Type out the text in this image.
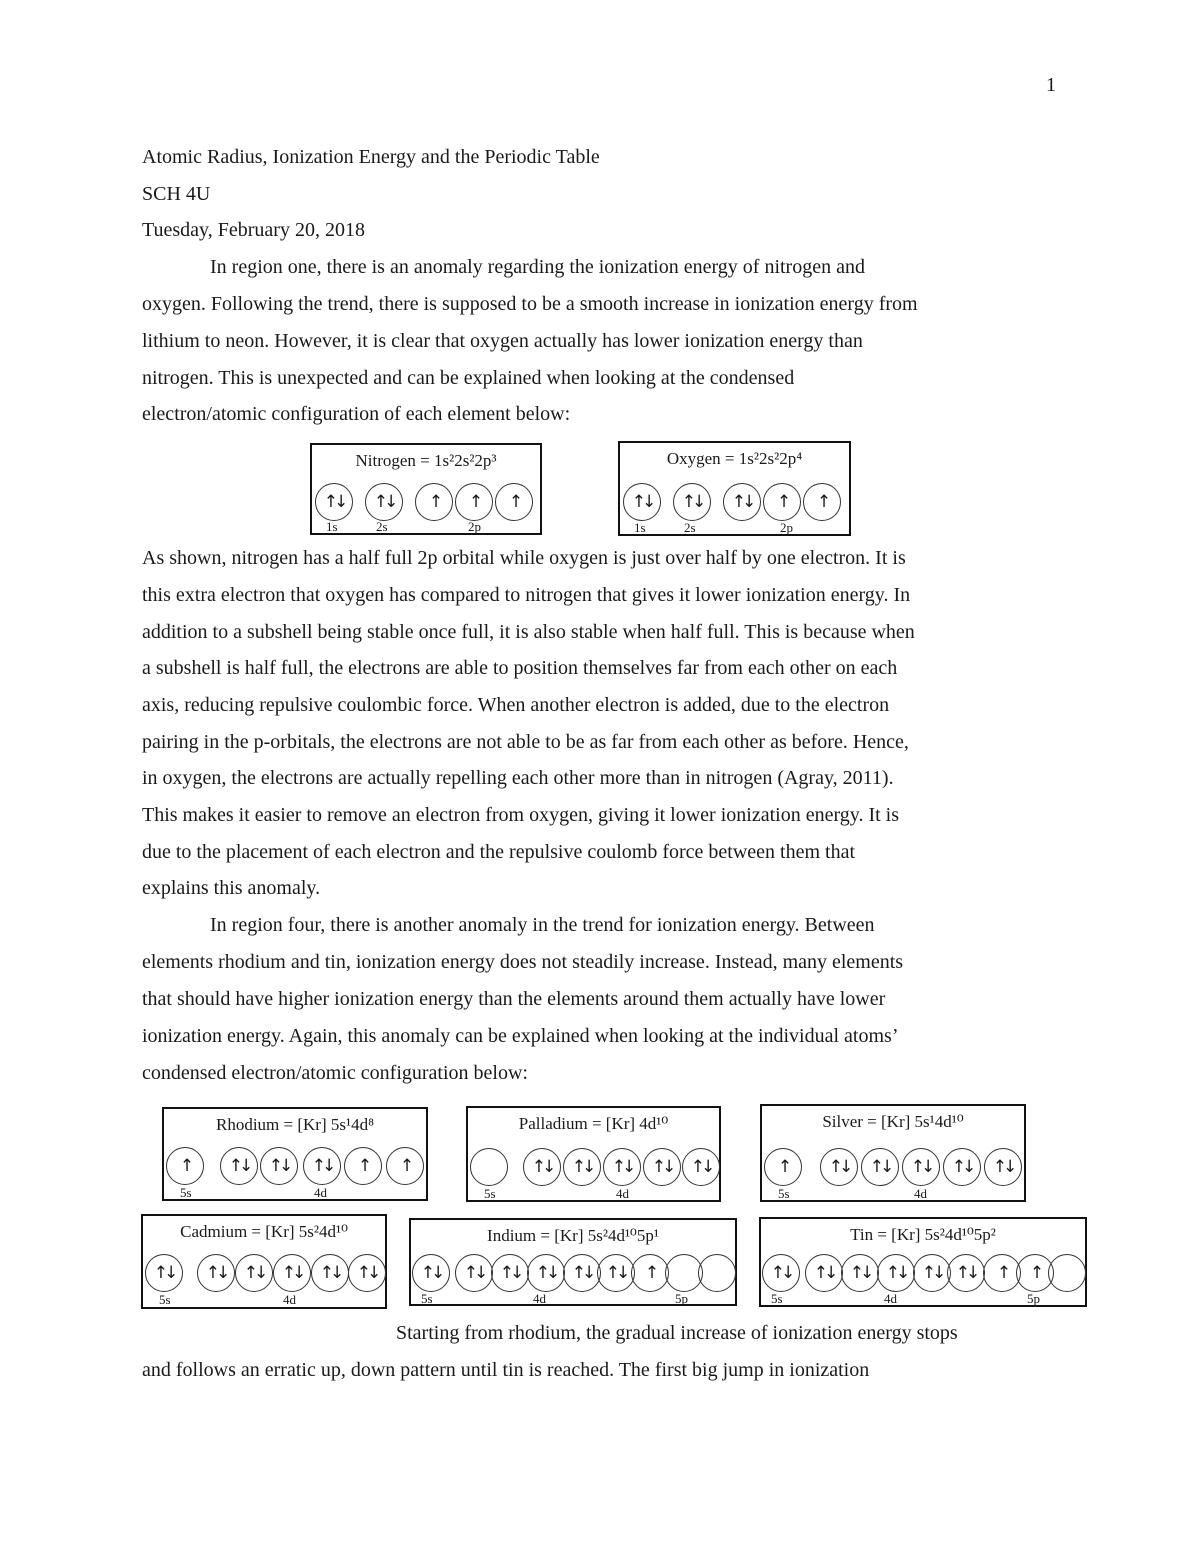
1
Atomic Radius, Ionization Energy and the Periodic Table
SCH 4U
Tuesday, February 20, 2018
In region one, there is an anomaly regarding the ionization energy of nitrogen and
oxygen. Following the trend, there is supposed to be a smooth increase in ionization energy from
lithium to neon. However, it is clear that oxygen actually has lower ionization energy than
nitrogen. This is unexpected and can be explained when looking at the condensed
electron/atomic configuration of each element below:
Nitrogen = 1s²2s²2p³
↑↓ ↑↓ ↑ ↑ ↑
1s	2s	2p
Oxygen = 1s²2s²2p⁴
↑↓ ↑↓ ↑↓ ↑ ↑
1s	2s	2p
As shown, nitrogen has a half full 2p orbital while oxygen is just over half by one electron. It is
this extra electron that oxygen has compared to nitrogen that gives it lower ionization energy. In
addition to a subshell being stable once full, it is also stable when half full. This is because when
a subshell is half full, the electrons are able to position themselves far from each other on each
axis, reducing repulsive coulombic force. When another electron is added, due to the electron
pairing in the p-orbitals, the electrons are not able to be as far from each other as before. Hence,
in oxygen, the electrons are actually repelling each other more than in nitrogen (Agray, 2011).
This makes it easier to remove an electron from oxygen, giving it lower ionization energy. It is
due to the placement of each electron and the repulsive coulomb force between them that
explains this anomaly.
In region four, there is another anomaly in the trend for ionization energy. Between
elements rhodium and tin, ionization energy does not steadily increase. Instead, many elements
that should have higher ionization energy than the elements around them actually have lower
ionization energy. Again, this anomaly can be explained when looking at the individual atoms’
condensed electron/atomic configuration below:
Rhodium = [Kr] 5s¹4d⁸
↑ ↑↓ ↑↓ ↑↓ ↑ ↑
5s	4d
Palladium = [Kr] 4d¹⁰
↑↓ ↑↓ ↑↓ ↑↓ ↑↓
5s	4d
Silver = [Kr] 5s¹4d¹⁰
↑ ↑↓ ↑↓ ↑↓ ↑↓ ↑↓
5s	4d
Cadmium = [Kr] 5s²4d¹⁰
↑↓ ↑↓ ↑↓ ↑↓ ↑↓ ↑↓
5s	4d
Indium = [Kr] 5s²4d¹⁰5p¹
↑↓ ↑↓ ↑↓ ↑↓ ↑↓ ↑↓ ↑
5s	4d	5p
Tin = [Kr] 5s²4d¹⁰5p²
↑↓ ↑↓ ↑↓ ↑↓ ↑↓ ↑↓ ↑ ↑
5s	4d	5p
Starting from rhodium, the gradual increase of ionization energy stops
and follows an erratic up, down pattern until tin is reached. The first big jump in ionization
